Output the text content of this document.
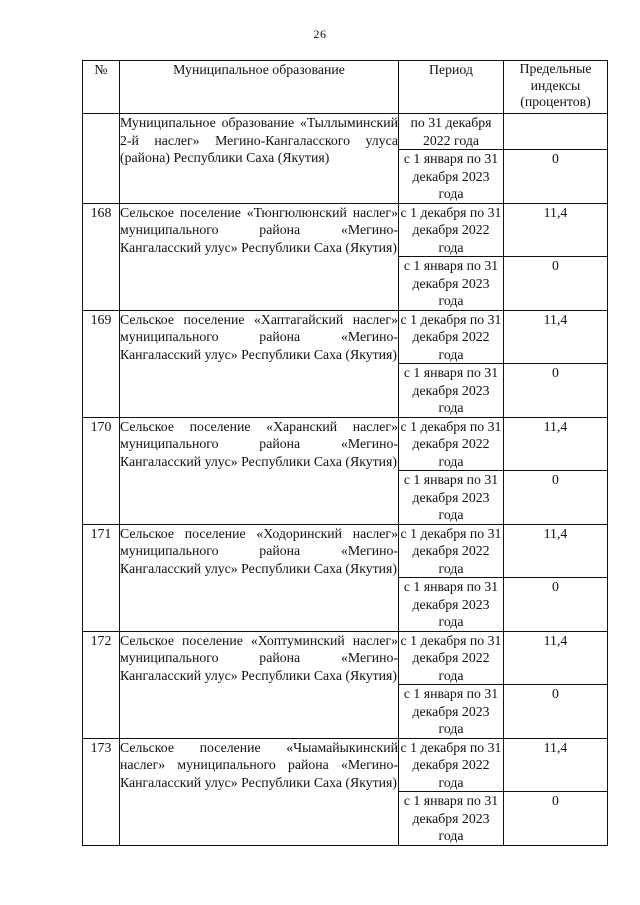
26
№	Муниципальное образование	Период	Предельные индексы (процентов)
	Муниципальное образование «Тыллыминский 2-й наслег» Мегино-Кангаласского улуса (района) Республики Саха (Якутия)	по 31 декабря 2022 года	
		с 1 января по 31 декабря 2023 года	0
168	Сельское поселение «Тюнгюлюнский наслег» муниципального района «Мегино-Кангаласский улус» Республики Саха (Якутия)	с 1 декабря по 31 декабря 2022 года	11,4
		с 1 января по 31 декабря 2023 года	0
169	Сельское поселение «Хаптагайский наслег» муниципального района «Мегино-Кангаласский улус» Республики Саха (Якутия)	с 1 декабря по 31 декабря 2022 года	11,4
		с 1 января по 31 декабря 2023 года	0
170	Сельское поселение «Харанский наслег» муниципального района «Мегино-Кангаласский улус» Республики Саха (Якутия)	с 1 декабря по 31 декабря 2022 года	11,4
		с 1 января по 31 декабря 2023 года	0
171	Сельское поселение «Ходоринский наслег» муниципального района «Мегино-Кангаласский улус» Республики Саха (Якутия)	с 1 декабря по 31 декабря 2022 года	11,4
		с 1 января по 31 декабря 2023 года	0
172	Сельское поселение «Хоптуминский наслег» муниципального района «Мегино-Кангаласский улус» Республики Саха (Якутия)	с 1 декабря по 31 декабря 2022 года	11,4
		с 1 января по 31 декабря 2023 года	0
173	Сельское поселение «Чыамайыкинский наслег» муниципального района «Мегино-Кангаласский улус» Республики Саха (Якутия)	с 1 декабря по 31 декабря 2022 года	11,4
		с 1 января по 31 декабря 2023 года	0
